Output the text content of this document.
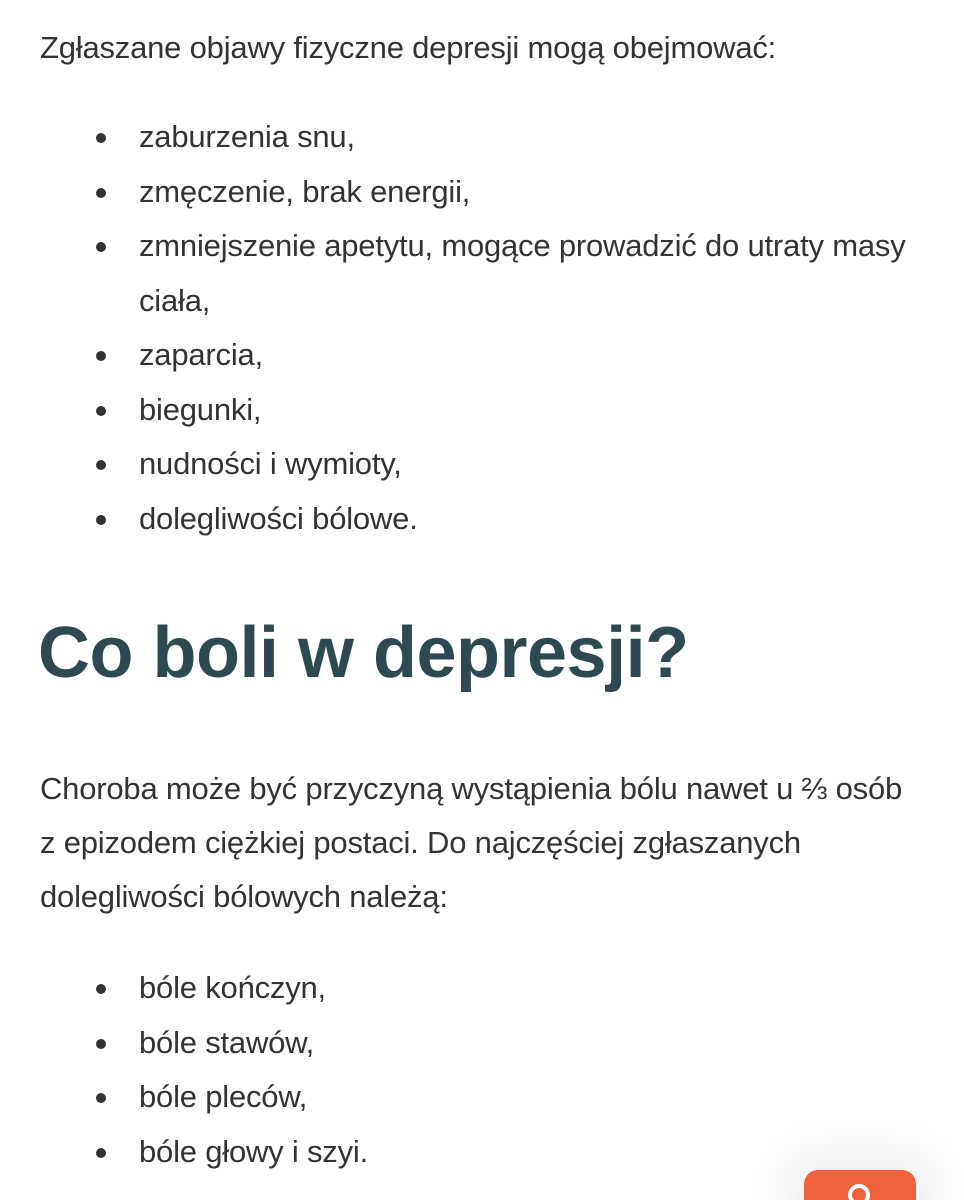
Zgłaszane objawy fizyczne depresji mogą obejmować:

zaburzenia snu,
zmęczenie, brak energii,
zmniejszenie apetytu, mogące prowadzić do utraty masy ciała,
zaparcia,
biegunki,
nudności i wymioty,
dolegliwości bólowe.
Co boli w depresji?

Choroba może być przyczyną wystąpienia bólu nawet u ⅔ osób z epizodem ciężkiej postaci. Do najczęściej zgłaszanych dolegliwości bólowych należą:

bóle kończyn,
bóle stawów,
bóle pleców,
bóle głowy i szyi.
